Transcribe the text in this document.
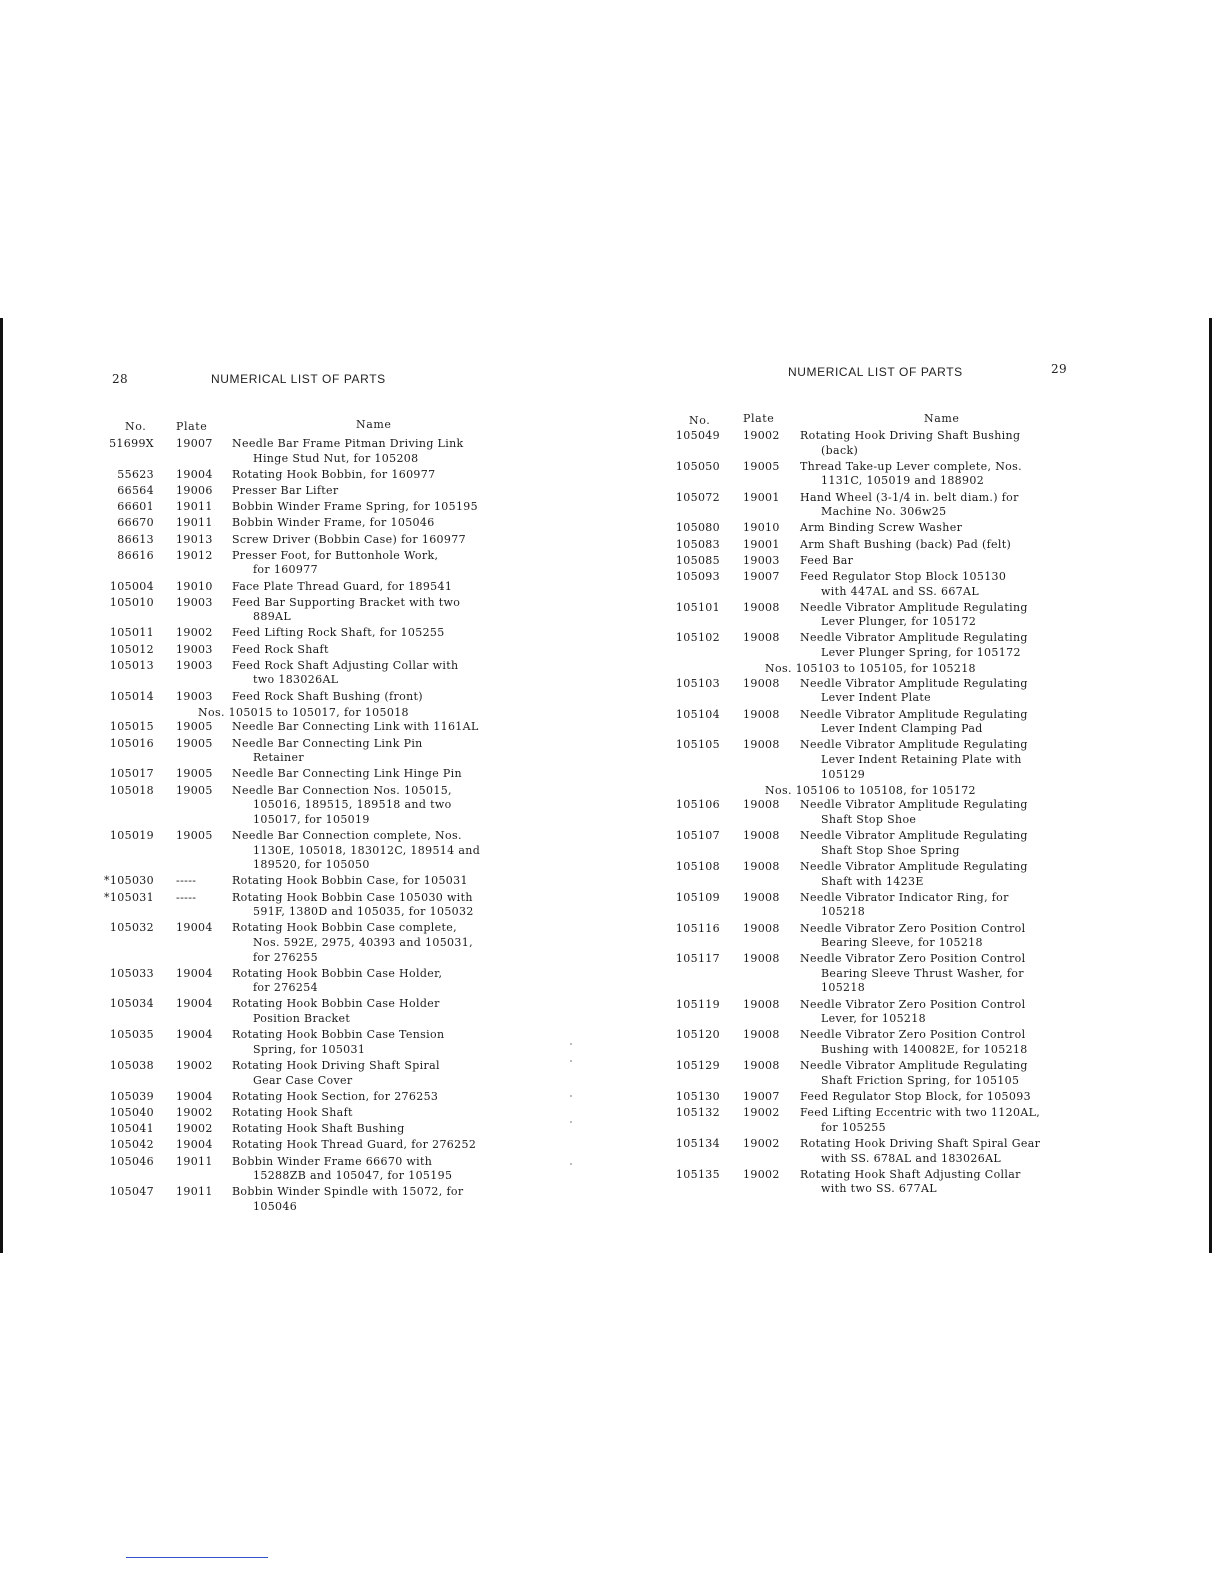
28	NUMERICAL LIST OF PARTS
No.	Plate	Name
NUMERICAL LIST OF PARTS	29
No.	Plate	Name
51699X 19007 Needle Bar Frame Pitman Driving Link
Hinge Stud Nut, for 105208
55623 19004 Rotating Hook Bobbin, for 160977
66564 19006 Presser Bar Lifter
66601 19011 Bobbin Winder Frame Spring, for 105195
66670 19011 Bobbin Winder Frame, for 105046
86613 19013 Screw Driver (Bobbin Case) for 160977
86616 19012 Presser Foot, for Buttonhole Work,
for 160977
105004 19010 Face Plate Thread Guard, for 189541
105010 19003 Feed Bar Supporting Bracket with two
889AL
105011 19002 Feed Lifting Rock Shaft, for 105255
105012 19003 Feed Rock Shaft
105013 19003 Feed Rock Shaft Adjusting Collar with
two 183026AL
105014 19003 Feed Rock Shaft Bushing (front)
Nos. 105015 to 105017, for 105018
105015 19005 Needle Bar Connecting Link with 1161AL
105016 19005 Needle Bar Connecting Link Pin
Retainer
105017 19005 Needle Bar Connecting Link Hinge Pin
105018 19005 Needle Bar Connection Nos. 105015,
105016, 189515, 189518 and two
105017, for 105019
105019 19005 Needle Bar Connection complete, Nos.
1130E, 105018, 183012C, 189514 and
189520, for 105050
*105030 -----	Rotating Hook Bobbin Case, for 105031
*105031 -----	Rotating Hook Bobbin Case 105030 with
591F, 1380D and 105035, for 105032
105032 19004 Rotating Hook Bobbin Case complete,
Nos. 592E, 2975, 40393 and 105031,
for 276255
105033 19004 Rotating Hook Bobbin Case Holder,
for 276254
105034 19004 Rotating Hook Bobbin Case Holder
Position Bracket
105035 19004 Rotating Hook Bobbin Case Tension
Spring, for 105031
105038 19002 Rotating Hook Driving Shaft Spiral
Gear Case Cover
105039 19004 Rotating Hook Section, for 276253
105040 19002 Rotating Hook Shaft
105041 19002 Rotating Hook Shaft Bushing
105042 19004 Rotating Hook Thread Guard, for 276252
105046 19011 Bobbin Winder Frame 66670 with
15288ZB and 105047, for 105195
105047 19011 Bobbin Winder Spindle with 15072, for
105046
105049 19002 Rotating Hook Driving Shaft Bushing
(back)
105050 19005 Thread Take-up Lever complete, Nos.
1131C, 105019 and 188902
105072 19001 Hand Wheel (3-1/4 in. belt diam.) for
Machine No. 306w25
105080 19010 Arm Binding Screw Washer
105083 19001 Arm Shaft Bushing (back) Pad (felt)
105085 19003 Feed Bar
105093 19007 Feed Regulator Stop Block 105130
with 447AL and SS. 667AL
105101 19008 Needle Vibrator Amplitude Regulating
Lever Plunger, for 105172
105102 19008 Needle Vibrator Amplitude Regulating
Lever Plunger Spring, for 105172
Nos. 105103 to 105105, for 105218
105103 19008 Needle Vibrator Amplitude Regulating
Lever Indent Plate
105104 19008 Needle Vibrator Amplitude Regulating
Lever Indent Clamping Pad
105105 19008 Needle Vibrator Amplitude Regulating
Lever Indent Retaining Plate with
105129
Nos. 105106 to 105108, for 105172
105106 19008 Needle Vibrator Amplitude Regulating
Shaft Stop Shoe
105107 19008 Needle Vibrator Amplitude Regulating
Shaft Stop Shoe Spring
105108 19008 Needle Vibrator Amplitude Regulating
Shaft with 1423E
105109 19008 Needle Vibrator Indicator Ring, for
105218
105116 19008 Needle Vibrator Zero Position Control
Bearing Sleeve, for 105218
105117 19008 Needle Vibrator Zero Position Control
Bearing Sleeve Thrust Washer, for
105218
105119 19008 Needle Vibrator Zero Position Control
Lever, for 105218
105120 19008 Needle Vibrator Zero Position Control
Bushing with 140082E, for 105218
105129 19008 Needle Vibrator Amplitude Regulating
Shaft Friction Spring, for 105105
105130 19007 Feed Regulator Stop Block, for 105093
105132 19002 Feed Lifting Eccentric with two 1120AL,
for 105255
105134 19002 Rotating Hook Driving Shaft Spiral Gear
with SS. 678AL and 183026AL
105135 19002 Rotating Hook Shaft Adjusting Collar
with two SS. 677AL
